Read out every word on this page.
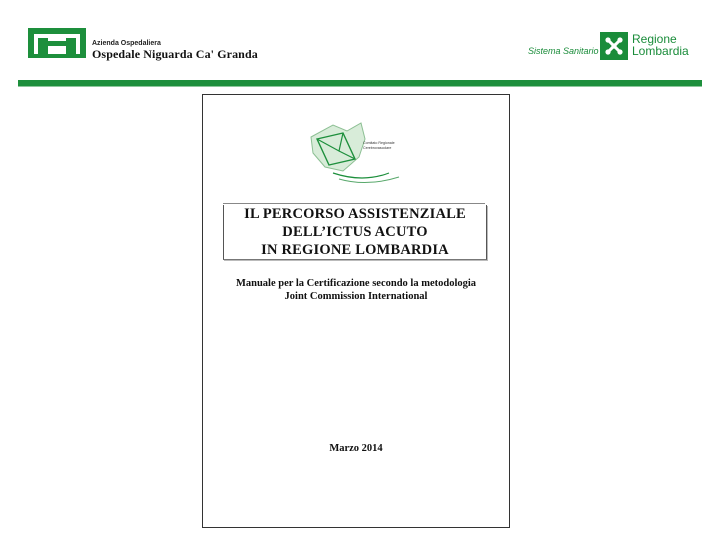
Azienda Ospedaliera
Ospedale Niguarda Ca' Granda	Sistema Sanitario
Regione
Lombardia
Comitato Regionale
Cerebrovascolare
IL PERCORSO ASSISTENZIALE
DELL’ICTUS ACUTO
IN REGIONE LOMBARDIA
Manuale per la Certificazione secondo la metodologia
Joint Commission International
Marzo 2014
